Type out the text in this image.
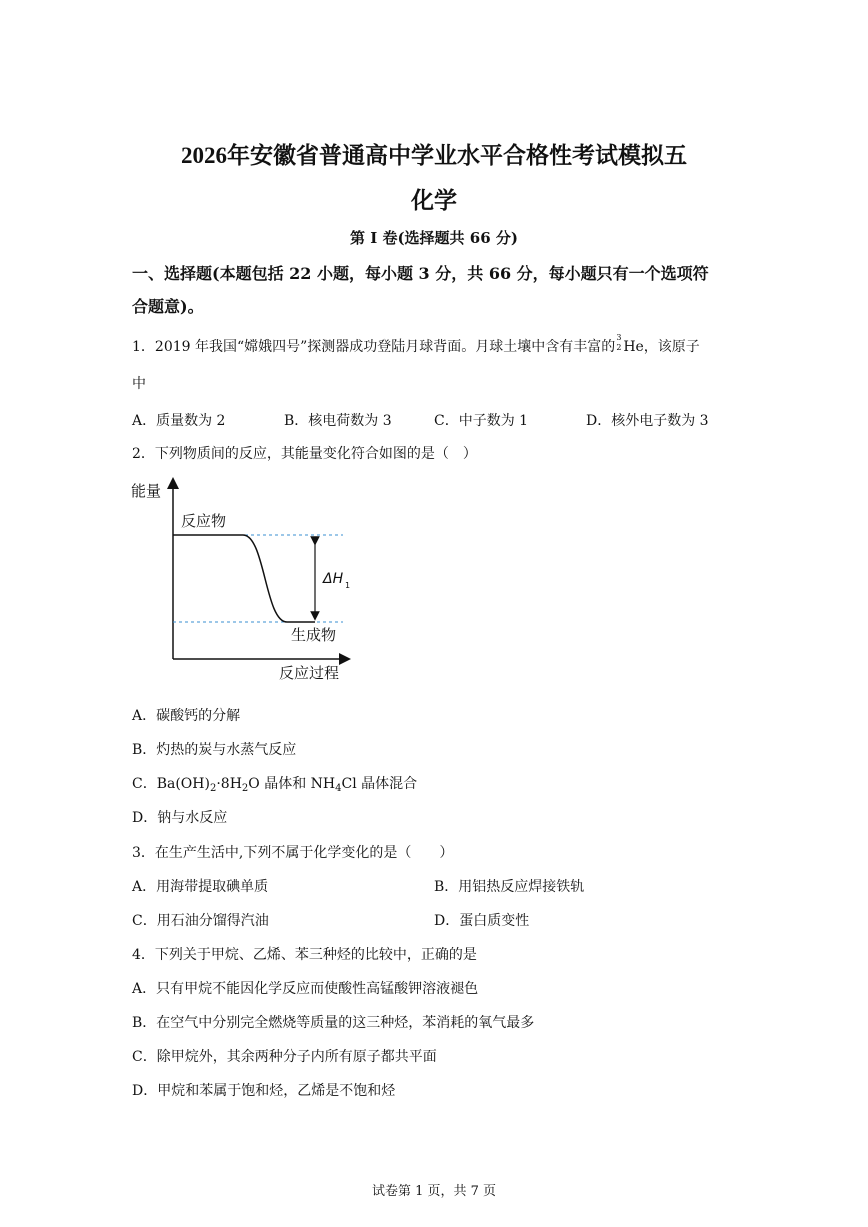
2026年安徽省普通高中学业水平合格性考试模拟五
化学
第 I 卷(选择题共 66 分)
一、选择题(本题包括 22 小题，每小题 3 分，共 66 分，每小题只有一个选项符
合题意)。
1．2019 年我国“嫦娥四号”探测器成功登陆月球背面。月球土壤中含有丰富的
3
2 He，该原子
中
A．质量数为 2	B．核电荷数为 3	C．中子数为 1	D．核外电子数为 3
2．下列物质间的反应，其能量变化符合如图的是（　）
能量
反应物
生成物
反应过程
ΔH 1
A．碳酸钙的分解
B．灼热的炭与水蒸气反应
C．$Ba(OH)_2\cdot 8H_2O$ 晶体和 $NH_4Cl$ 晶体混合
D．钠与水反应
3．在生产生活中,下列不属于化学变化的是（　　）
A．用海带提取碘单质	B．用铝热反应焊接铁轨
C．用石油分馏得汽油	D．蛋白质变性
4．下列关于甲烷、乙烯、苯三种烃的比较中，正确的是
A．只有甲烷不能因化学反应而使酸性高锰酸钾溶液褪色
B．在空气中分别完全燃烧等质量的这三种烃，苯消耗的氧气最多
C．除甲烷外，其余两种分子内所有原子都共平面
D．甲烷和苯属于饱和烃，乙烯是不饱和烃
试卷第 1 页，共 7 页
